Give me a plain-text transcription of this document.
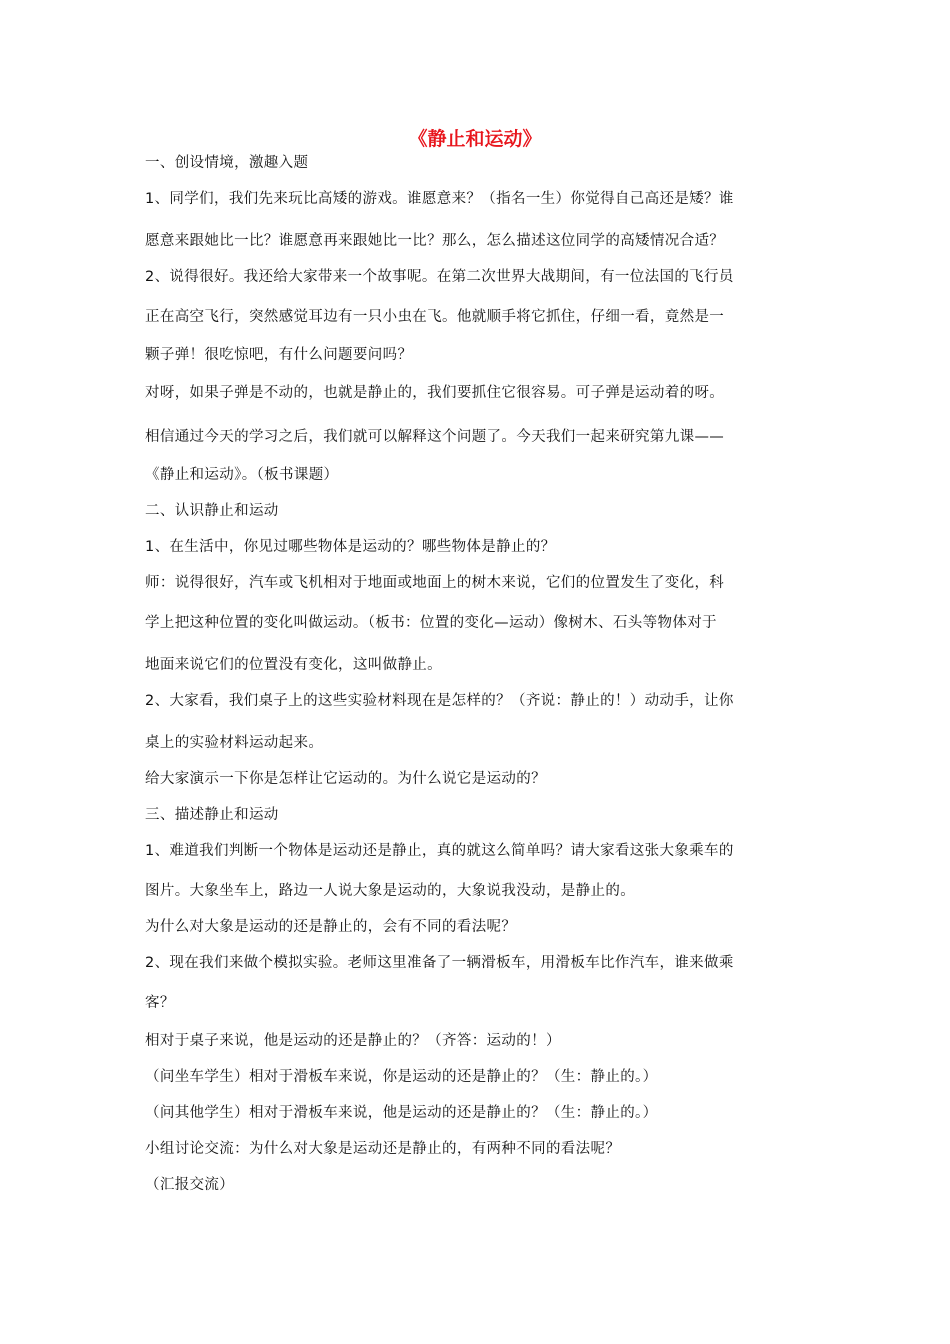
《静止和运动》
一、创设情境，激趣入题
1、同学们，我们先来玩比高矮的游戏。谁愿意来？（指名一生）你觉得自己高还是矮？谁
愿意来跟她比一比？谁愿意再来跟她比一比？那么，怎么描述这位同学的高矮情况合适？
2、说得很好。我还给大家带来一个故事呢。在第二次世界大战期间，有一位法国的飞行员
正在高空飞行，突然感觉耳边有一只小虫在飞。他就顺手将它抓住，仔细一看，竟然是一
颗子弹！很吃惊吧，有什么问题要问吗？
对呀，如果子弹是不动的，也就是静止的，我们要抓住它很容易。可子弹是运动着的呀。
相信通过今天的学习之后，我们就可以解释这个问题了。今天我们一起来研究第九课——
《静止和运动》。（板书课题）
二、认识静止和运动
1、在生活中，你见过哪些物体是运动的？哪些物体是静止的？
师：说得很好，汽车或飞机相对于地面或地面上的树木来说，它们的位置发生了变化，科
学上把这种位置的变化叫做运动。（板书：位置的变化—运动）像树木、石头等物体对于
地面来说它们的位置没有变化，这叫做静止。
2、大家看，我们桌子上的这些实验材料现在是怎样的？（齐说：静止的！）动动手，让你
桌上的实验材料运动起来。
给大家演示一下你是怎样让它运动的。为什么说它是运动的？
三、描述静止和运动
1、难道我们判断一个物体是运动还是静止，真的就这么简单吗？请大家看这张大象乘车的
图片。大象坐车上，路边一人说大象是运动的，大象说我没动，是静止的。
为什么对大象是运动的还是静止的，会有不同的看法呢？
2、现在我们来做个模拟实验。老师这里准备了一辆滑板车，用滑板车比作汽车，谁来做乘
客？
相对于桌子来说，他是运动的还是静止的？（齐答：运动的！）
（问坐车学生）相对于滑板车来说，你是运动的还是静止的？（生：静止的。）
（问其他学生）相对于滑板车来说，他是运动的还是静止的？（生：静止的。）
小组讨论交流：为什么对大象是运动还是静止的，有两种不同的看法呢？
（汇报交流）
